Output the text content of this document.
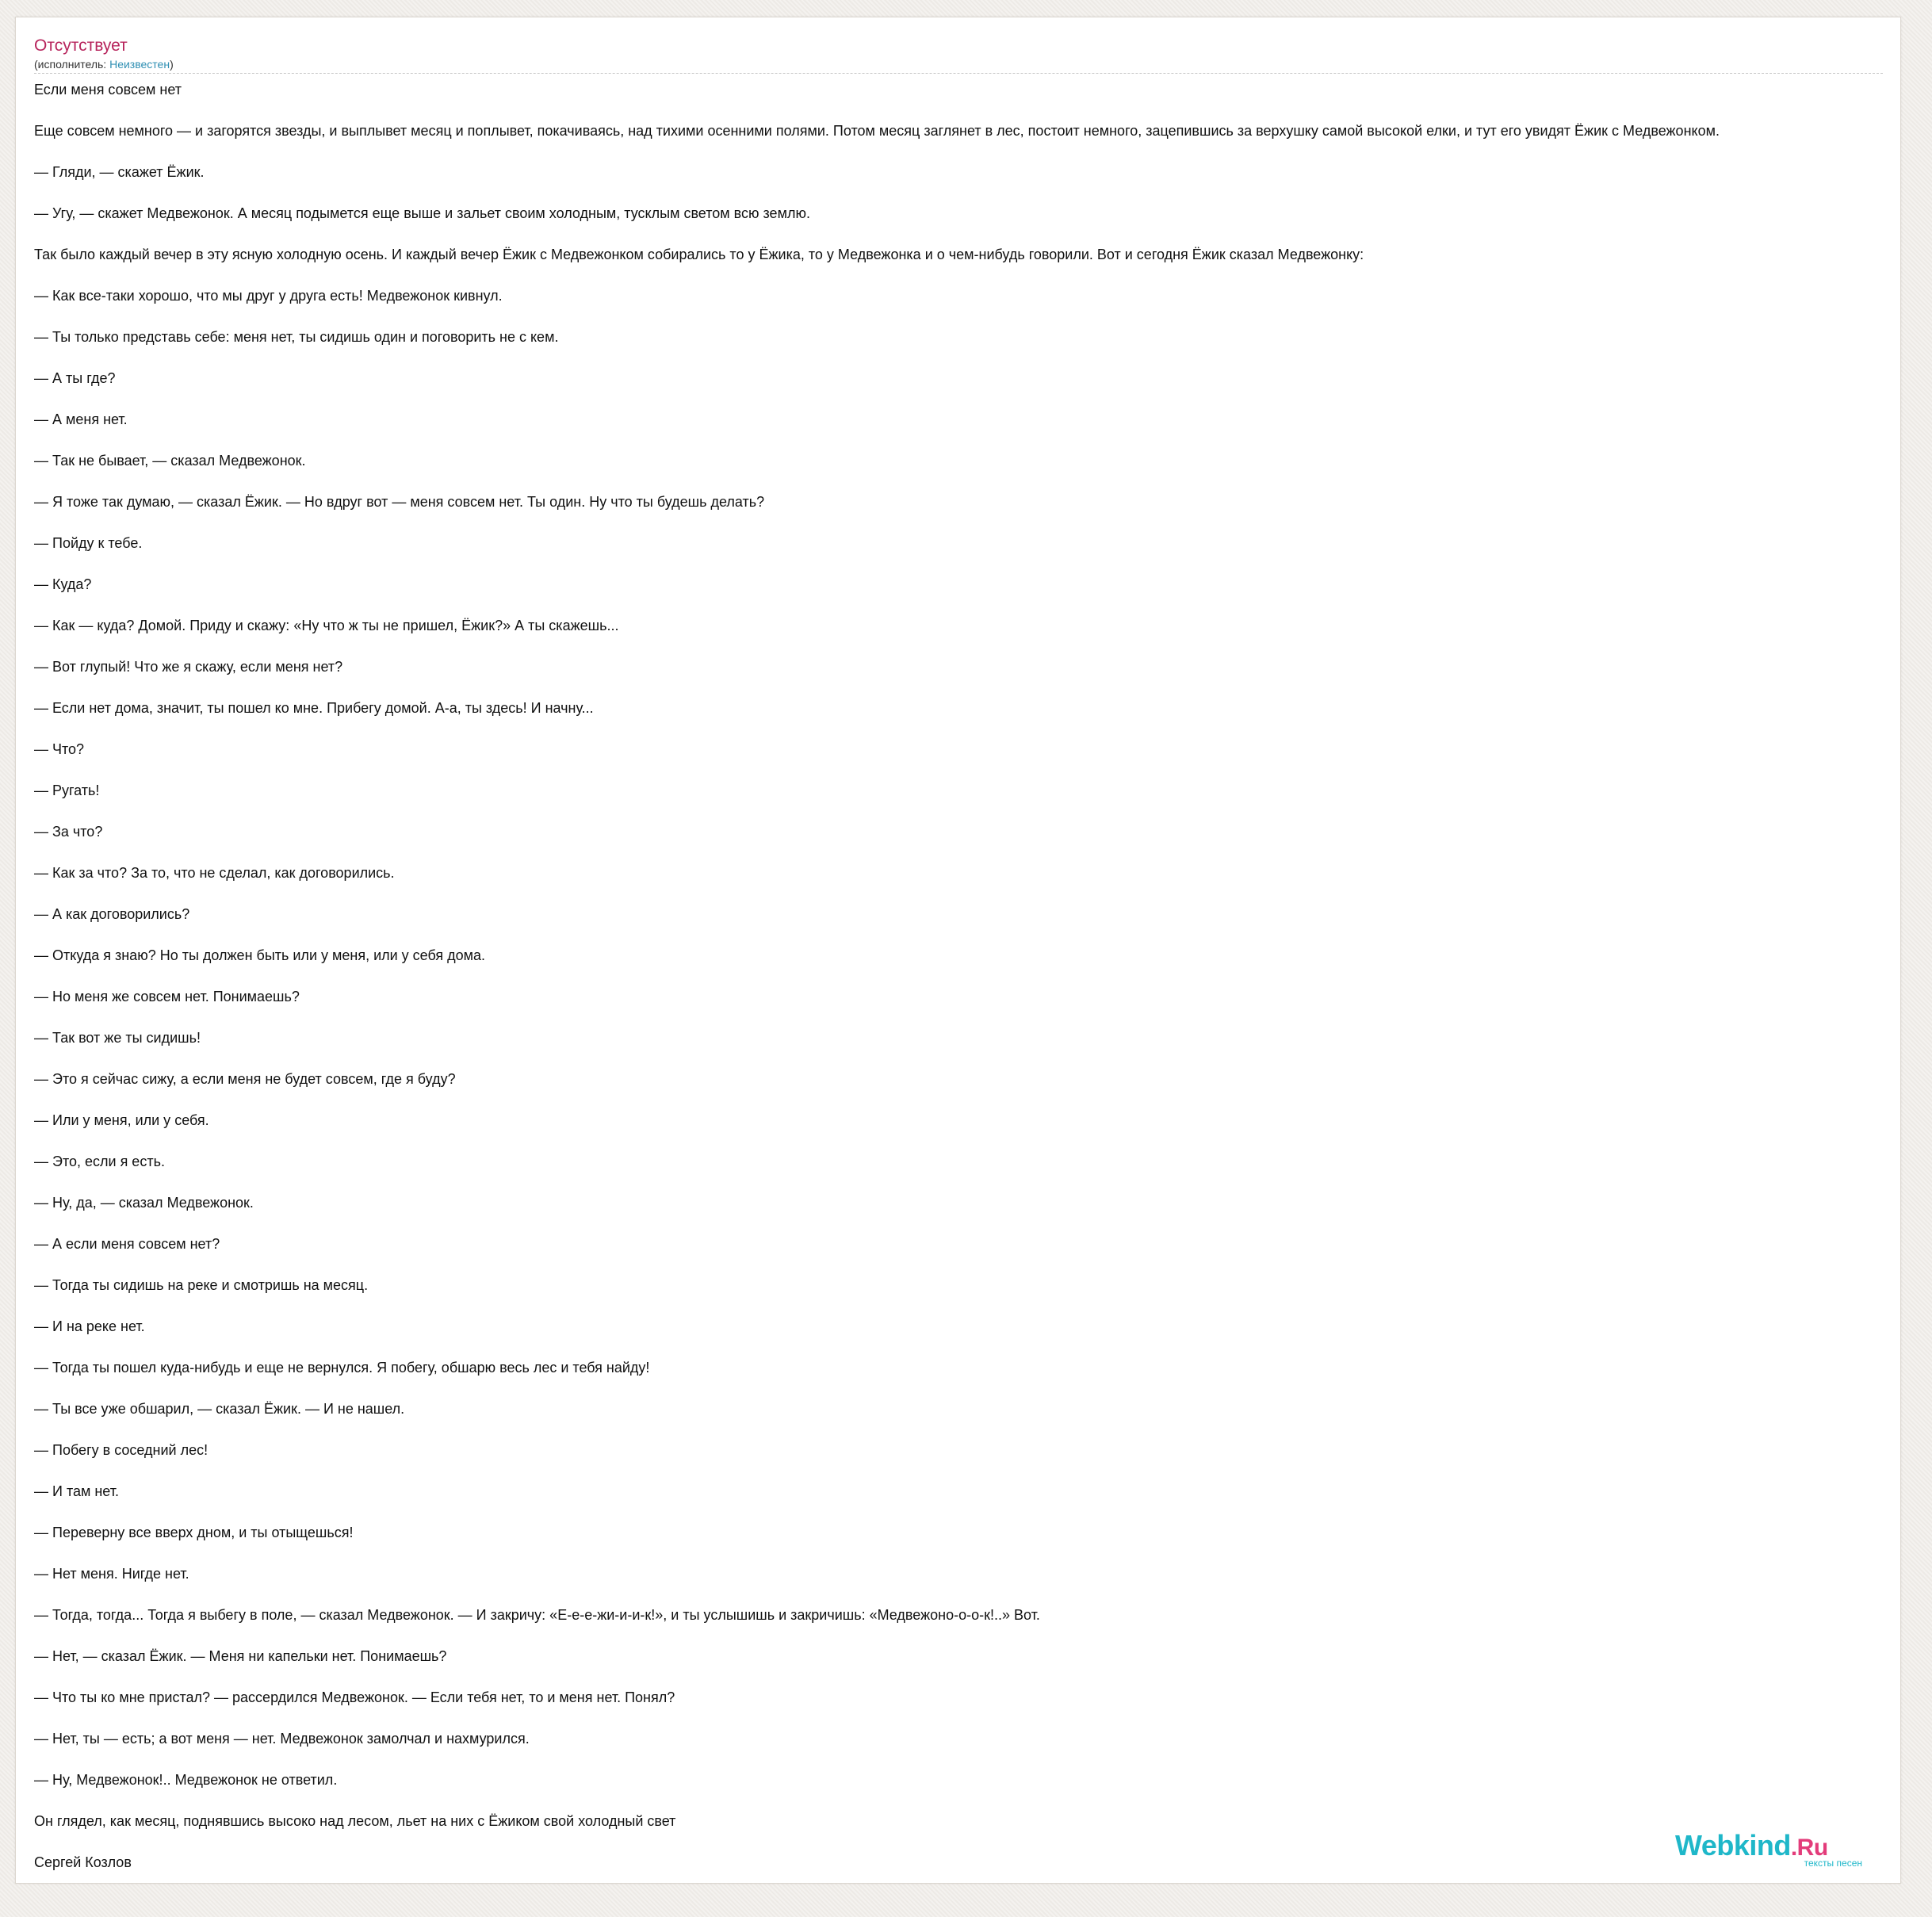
Отсутствует
(исполнитель: Неизвестен)

Если меня совсем нет

Еще совсем немного — и загорятся звезды, и выплывет месяц и поплывет, покачиваясь, над тихими осенними полями. Потом месяц заглянет в лес, постоит немного, зацепившись за верхушку самой высокой елки, и тут его увидят Ёжик с Медвежонком.

— Гляди, — скажет Ёжик.

— Угу, — скажет Медвежонок. А месяц подымется еще выше и зальет своим холодным, тусклым светом всю землю.

Так было каждый вечер в эту ясную холодную осень. И каждый вечер Ёжик с Медвежонком собирались то у Ёжика, то у Медвежонка и о чем-нибудь говорили. Вот и сегодня Ёжик сказал Медвежонку:

— Как все-таки хорошо, что мы друг у друга есть! Медвежонок кивнул.

— Ты только представь себе: меня нет, ты сидишь один и поговорить не с кем.

— А ты где?

— А меня нет.

— Так не бывает, — сказал Медвежонок.

— Я тоже так думаю, — сказал Ёжик. — Но вдруг вот — меня совсем нет. Ты один. Ну что ты будешь делать?

— Пойду к тебе.

— Куда?

— Как — куда? Домой. Приду и скажу: «Ну что ж ты не пришел, Ёжик?» А ты скажешь...

— Вот глупый! Что же я скажу, если меня нет?

— Если нет дома, значит, ты пошел ко мне. Прибегу домой. А-а, ты здесь! И начну...

— Что?

— Ругать!

— За что?

— Как за что? За то, что не сделал, как договорились.

— А как договорились?

— Откуда я знаю? Но ты должен быть или у меня, или у себя дома.

— Но меня же совсем нет. Понимаешь?

— Так вот же ты сидишь!

— Это я сейчас сижу, а если меня не будет совсем, где я буду?

— Или у меня, или у себя.

— Это, если я есть.

— Ну, да, — сказал Медвежонок.

— А если меня совсем нет?

— Тогда ты сидишь на реке и смотришь на месяц.

— И на реке нет.

— Тогда ты пошел куда-нибудь и еще не вернулся. Я побегу, обшарю весь лес и тебя найду!

— Ты все уже обшарил, — сказал Ёжик. — И не нашел.

— Побегу в соседний лес!

— И там нет.

— Переверну все вверх дном, и ты отыщешься!

— Нет меня. Нигде нет.

— Тогда, тогда... Тогда я выбегу в поле, — сказал Медвежонок. — И закричу: «Е-е-е-жи-и-и-к!», и ты услышишь и закричишь: «Медвежоно-о-о-к!..» Вот.

— Нет, — сказал Ёжик. — Меня ни капельки нет. Понимаешь?

— Что ты ко мне пристал? — рассердился Медвежонок. — Если тебя нет, то и меня нет. Понял?

— Нет, ты — есть; а вот меня — нет. Медвежонок замолчал и нахмурился.

— Ну, Медвежонок!.. Медвежонок не ответил.

Он глядел, как месяц, поднявшись высоко над лесом, льет на них с Ёжиком свой холодный свет

Сергей Козлов

Webkind.Ru
тексты песен
